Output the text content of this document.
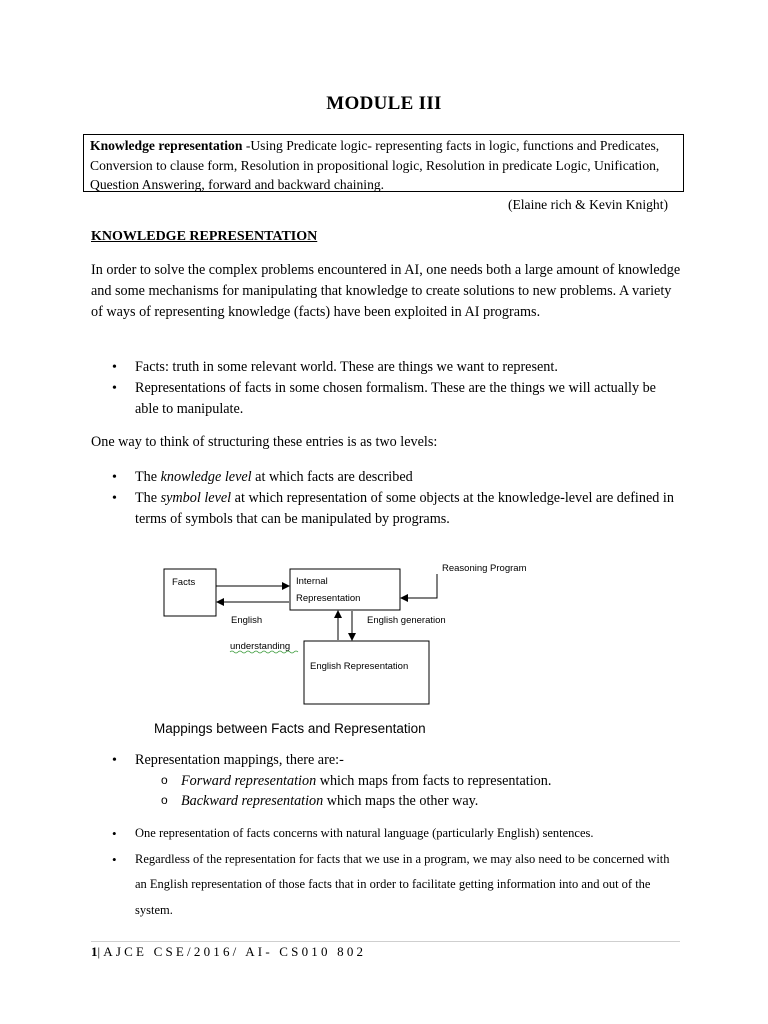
MODULE III
Knowledge representation -Using Predicate logic- representing facts in logic, functions and Predicates, Conversion to clause form, Resolution in propositional logic, Resolution in predicate Logic, Unification, Question Answering, forward and backward chaining.
(Elaine rich & Kevin Knight)
KNOWLEDGE REPRESENTATION
In order to solve the complex problems encountered in AI, one needs both a large amount of knowledge and some mechanisms for manipulating that knowledge to create solutions to new problems. A variety of ways of representing knowledge (facts) have been exploited in AI programs.
• Facts: truth in some relevant world. These are things we want to represent.
• Representations of facts in some chosen formalism. These are the things we will actually be able to manipulate.
One way to think of structuring these entries is as two levels:
• The knowledge level at which facts are described
• The symbol level at which representation of some objects at the knowledge-level are defined in terms of symbols that can be manipulated by programs.
Facts	Internal
Representation
Reasoning Program
English
understanding
English generation
English Representation
Mappings between Facts and Representation
• Representation mappings, there are:-
o Forward representation which maps from facts to representation.
o Backward representation which maps the other way.
• One representation of facts concerns with natural language (particularly English) sentences.
• Regardless of the representation for facts that we use in a program, we may also need to be concerned with an English representation of those facts that in order to facilitate getting information into and out of the system.
1|AJCE CSE/2016/ AI- CS010 802
